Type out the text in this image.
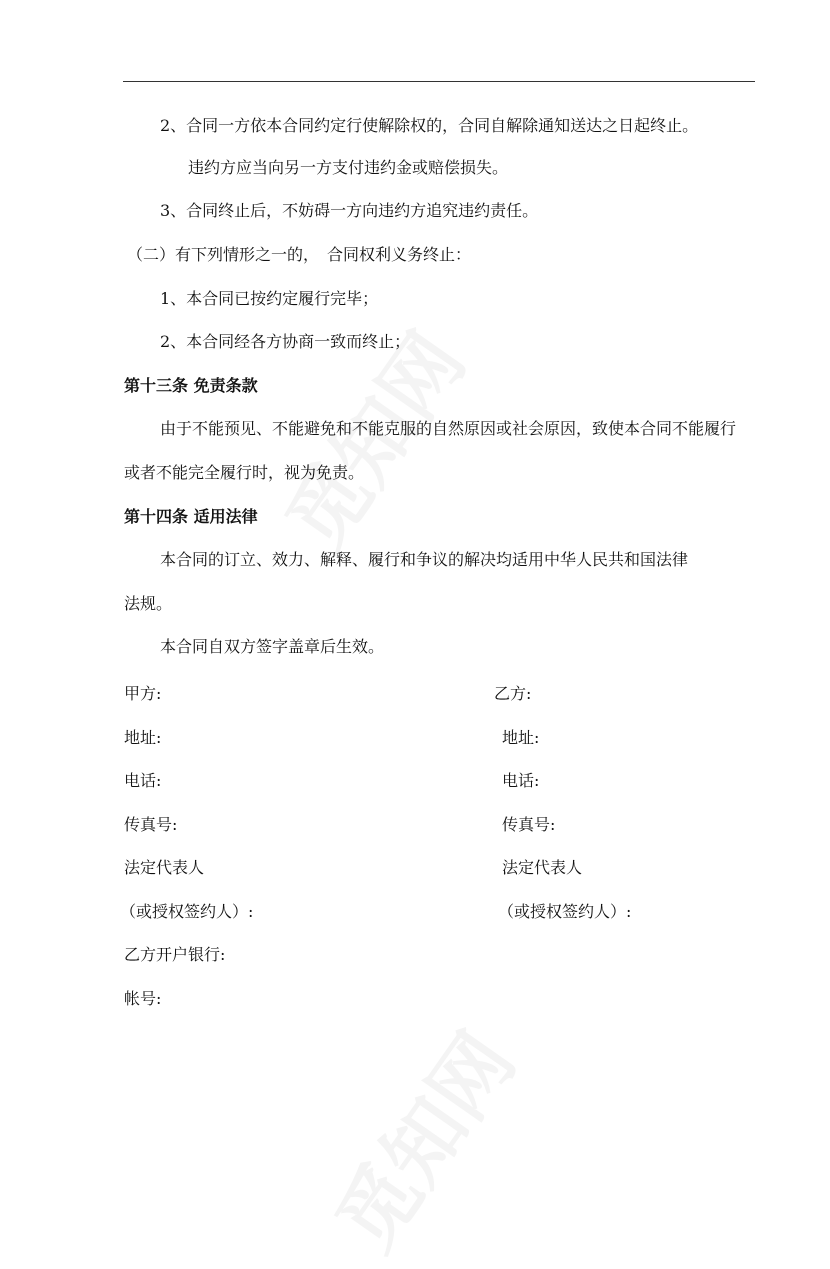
2、合同一方依本合同约定行使解除权的，合同自解除通知送达之日起终止。
违约方应当向另一方支付违约金或赔偿损失。
3、合同终止后，不妨碍一方向违约方追究违约责任。
（二）有下列情形之一的，　合同权利义务终止：
1、本合同已按约定履行完毕；
2、本合同经各方协商一致而终止；
第十三条 免责条款
由于不能预见、不能避免和不能克服的自然原因或社会原因，致使本合同不能履行
或者不能完全履行时，视为免责。
第十四条 适用法律
本合同的订立、效力、解释、履行和争议的解决均适用中华人民共和国法律
法规。
本合同自双方签字盖章后生效。
甲方:
地址:
电话:
传真号:
法定代表人
（或授权签约人）:
乙方:
地址:
电话:
传真号:
法定代表人
（或授权签约人）:
乙方开户银行:
帐号:
